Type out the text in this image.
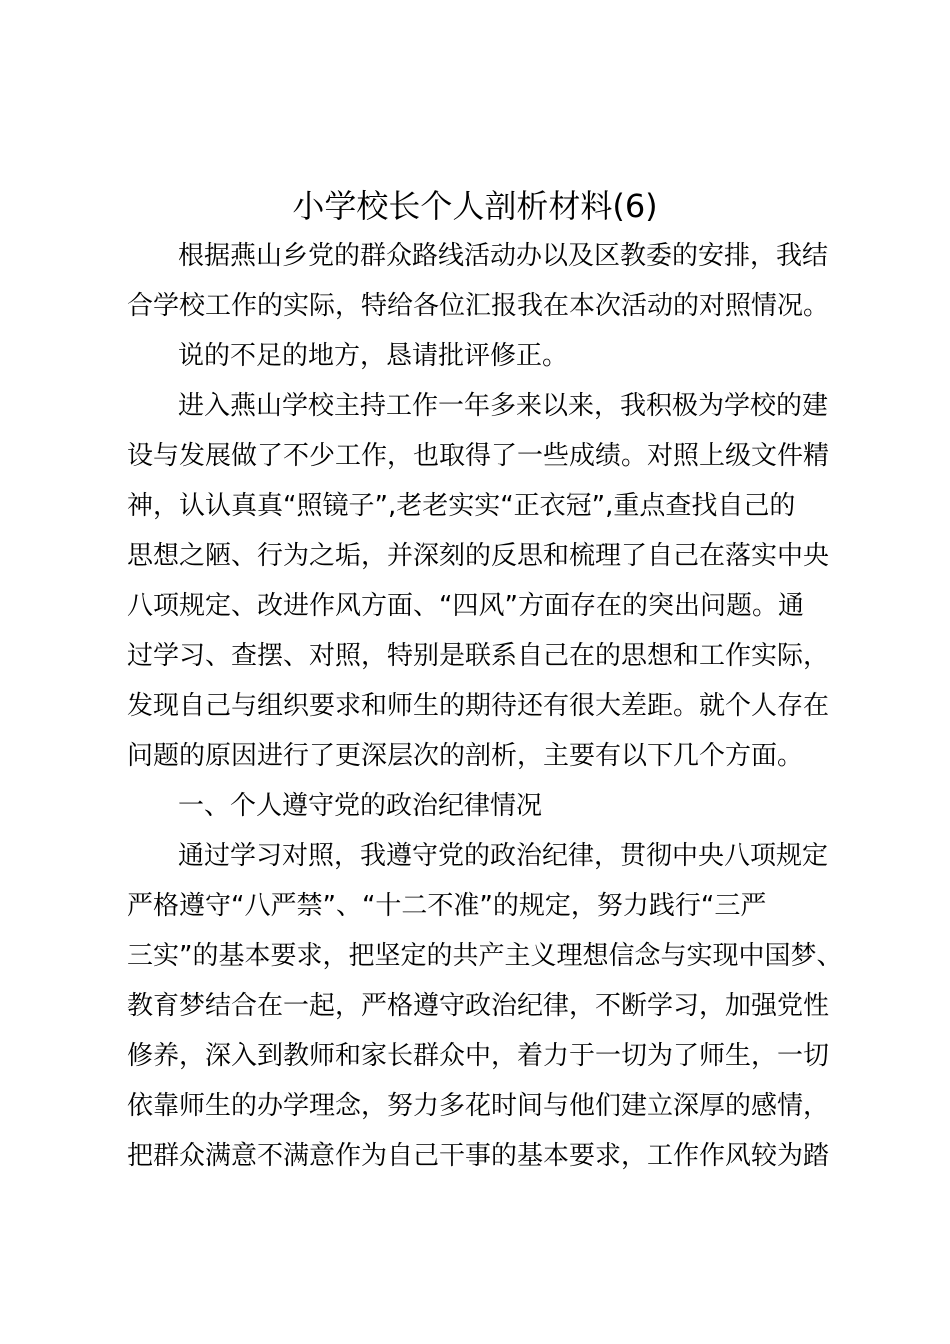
小学校长个人剖析材料(6)
根据燕山乡党的群众路线活动办以及区教委的安排，我结
合学校工作的实际，特给各位汇报我在本次活动的对照情况。
说的不足的地方，恳请批评修正。
进入燕山学校主持工作一年多来以来，我积极为学校的建
设与发展做了不少工作，也取得了一些成绩。对照上级文件精
神，认认真真“照镜子”,老老实实“正衣冠”,重点查找自己的
思想之陋、行为之垢，并深刻的反思和梳理了自己在落实中央
八项规定、改进作风方面、“四风”方面存在的突出问题。通
过学习、查摆、对照，特别是联系自己在的思想和工作实际，
发现自己与组织要求和师生的期待还有很大差距。就个人存在
问题的原因进行了更深层次的剖析，主要有以下几个方面。
一、个人遵守党的政治纪律情况
通过学习对照，我遵守党的政治纪律，贯彻中央八项规定
严格遵守“八严禁”、“十二不准”的规定，努力践行“三严
三实”的基本要求，把坚定的共产主义理想信念与实现中国梦、
教育梦结合在一起，严格遵守政治纪律，不断学习，加强党性
修养，深入到教师和家长群众中，着力于一切为了师生，一切
依靠师生的办学理念，努力多花时间与他们建立深厚的感情，
把群众满意不满意作为自己干事的基本要求，工作作风较为踏
